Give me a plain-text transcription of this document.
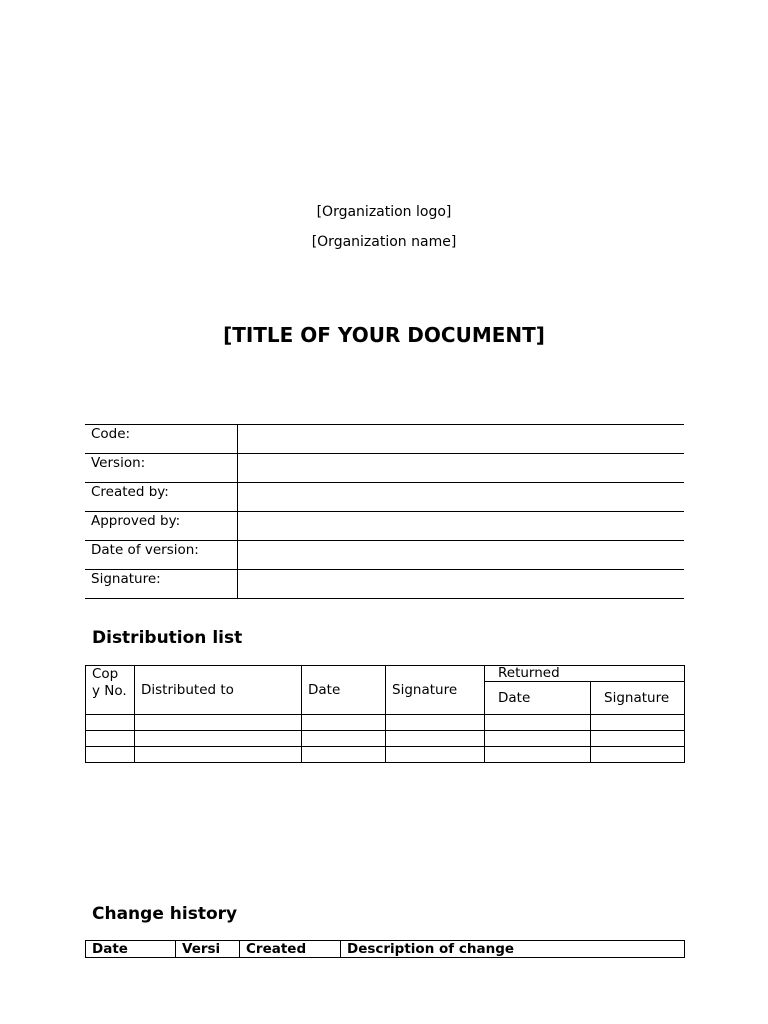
[Organization logo]
[Organization name]
[TITLE OF YOUR DOCUMENT]
Code:	
Version:	
Created by:	
Approved by:	
Date of version:	
Signature:	
Distribution list
Cop y No.	Distributed to	Date	Signature	Returned	
				Date	Signature

Change history
Date	Versi	Created	Description of change
